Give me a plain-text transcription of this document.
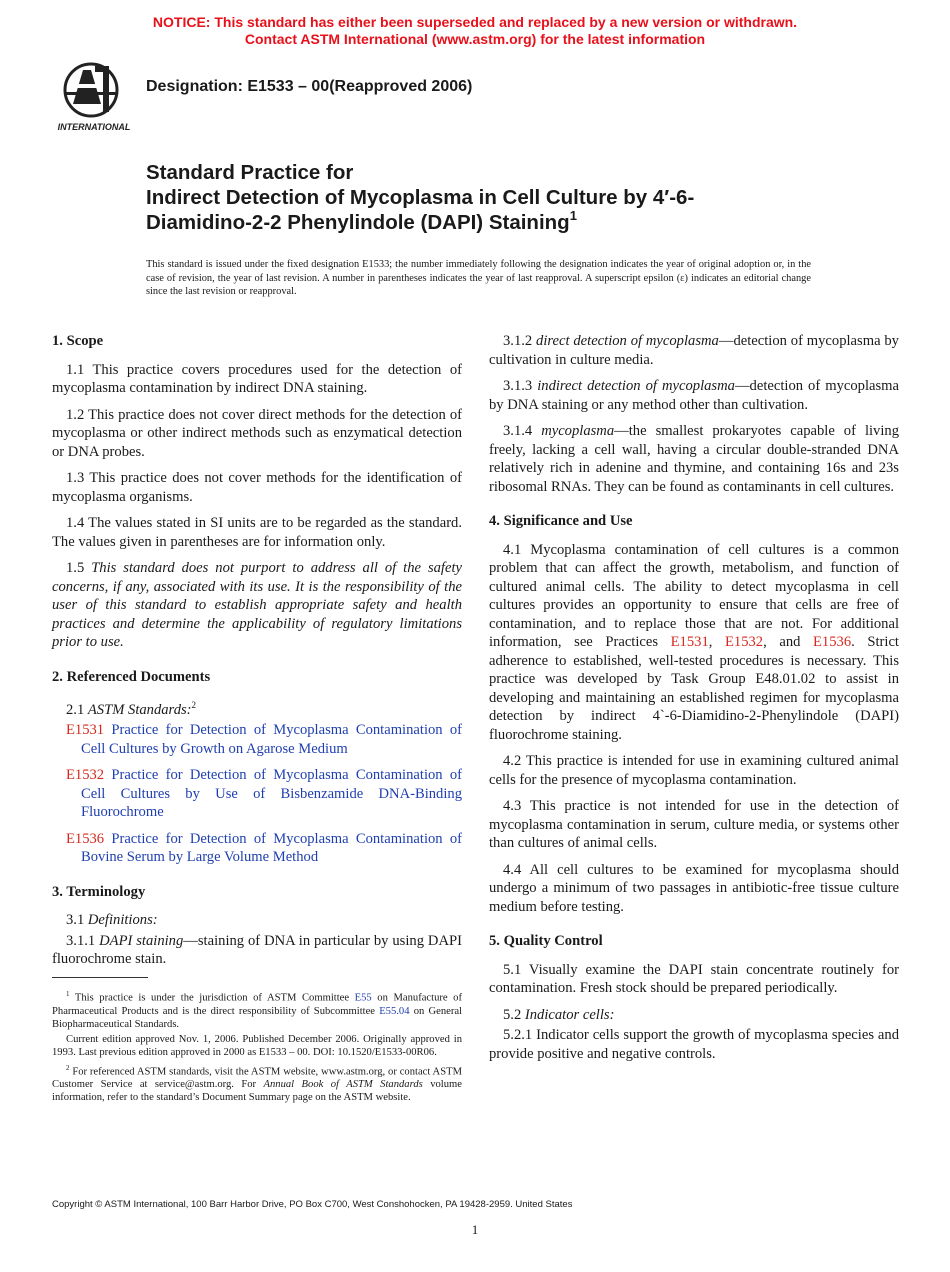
NOTICE: This standard has either been superseded and replaced by a new version or withdrawn.
Contact ASTM International (www.astm.org) for the latest information
INTERNATIONAL
Designation: E1533 – 00(Reapproved 2006)
Standard Practice for
Indirect Detection of Mycoplasma in Cell Culture by 4′-6-
Diamidino-2-2 Phenylindole (DAPI) Staining$^1$
This standard is issued under the fixed designation E1533; the number immediately following the designation indicates the year of original adoption or, in the case of revision, the year of last revision. A number in parentheses indicates the year of last reapproval. A superscript epsilon (ε) indicates an editorial change since the last revision or reapproval.
1. Scope

1.1 This practice covers procedures used for the detection of mycoplasma contamination by indirect DNA staining.

1.2 This practice does not cover direct methods for the detection of mycoplasma or other indirect methods such as enzymatical detection or DNA probes.

1.3 This practice does not cover methods for the identification of mycoplasma organisms.

1.4 The values stated in SI units are to be regarded as the standard. The values given in parentheses are for information only.

1.5 This standard does not purport to address all of the safety concerns, if any, associated with its use. It is the responsibility of the user of this standard to establish appropriate safety and health practices and determine the applicability of regulatory limitations prior to use.

2. Referenced Documents

2.1 ASTM Standards:$^2$

E1531 Practice for Detection of Mycoplasma Contamination of Cell Cultures by Growth on Agarose Medium

E1532 Practice for Detection of Mycoplasma Contamination of Cell Cultures by Use of Bisbenzamide DNA-Binding Fluorochrome

E1536 Practice for Detection of Mycoplasma Contamination of Bovine Serum by Large Volume Method

3. Terminology

3.1 Definitions:

3.1.1 DAPI staining—staining of DNA in particular by using DAPI fluorochrome stain.

3.1.2 direct detection of mycoplasma—detection of mycoplasma by cultivation in culture media.

3.1.3 indirect detection of mycoplasma—detection of mycoplasma by DNA staining or any method other than cultivation.

3.1.4 mycoplasma—the smallest prokaryotes capable of living freely, lacking a cell wall, having a circular double-stranded DNA relatively rich in adenine and thymine, and containing 16s and 23s ribosomal RNAs. They can be found as contaminants in cell cultures.

4. Significance and Use

4.1 Mycoplasma contamination of cell cultures is a common problem that can affect the growth, metabolism, and function of cultured animal cells. The ability to detect mycoplasma in cell cultures provides an opportunity to ensure that cells are free of contamination, and to replace those that are not. For additional information, see Practices E1531, E1532, and E1536. Strict adherence to established, well-tested procedures is necessary. This practice was developed by Task Group E48.01.02 to assist in developing and maintaining an established regimen for mycoplasma detection by indirect 4`-6-Diamidino-2-Phenylindole (DAPI) fluorochrome staining.

4.2 This practice is intended for use in examining cultured animal cells for the presence of mycoplasma contamination.

4.3 This practice is not intended for use in the detection of mycoplasma contamination in serum, culture media, or systems other than cultures of animal cells.

4.4 All cell cultures to be examined for mycoplasma should undergo a minimum of two passages in antibiotic-free tissue culture medium before testing.

5. Quality Control

5.1 Visually examine the DAPI stain concentrate routinely for contamination. Fresh stock should be prepared periodically.

5.2 Indicator cells:

5.2.1 Indicator cells support the growth of mycoplasma species and provide positive and negative controls.

$^1$ This practice is under the jurisdiction of ASTM Committee E55 on Manufacture of Pharmaceutical Products and is the direct responsibility of Subcommittee E55.04 on General Biopharmaceutical Standards.

Current edition approved Nov. 1, 2006. Published December 2006. Originally approved in 1993. Last previous edition approved in 2000 as E1533 – 00. DOI: 10.1520/E1533-00R06.

$^2$ For referenced ASTM standards, visit the ASTM website, www.astm.org, or contact ASTM Customer Service at service@astm.org. For Annual Book of ASTM Standards volume information, refer to the standard’s Document Summary page on the ASTM website.

Copyright © ASTM International, 100 Barr Harbor Drive, PO Box C700, West Conshohocken, PA 19428-2959. United States
1
